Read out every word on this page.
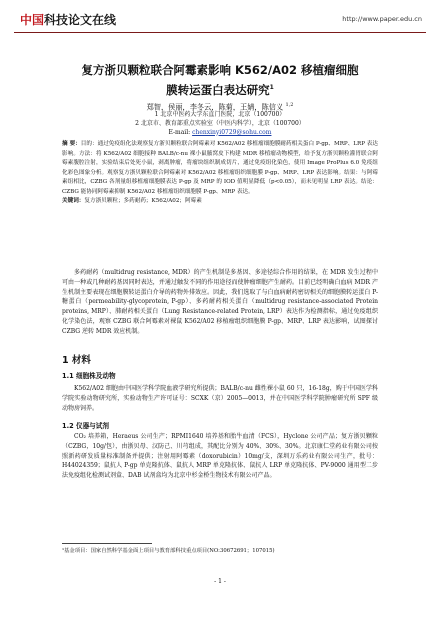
中国 科技论文在线	http://www.paper.edu.cn
复方浙贝颗粒联合阿霉素影响 K562/A02 移植瘤细胞
膜转运蛋白表达研究$^1$
郑智，侯丽，李冬云，陈菊，王婧，陈信义 $^{1,2}$
1 北京中医药大学东直门医院，北京（100700）
2 北京市、教育部重点实验室（中医内科学），北京（100700）
E-mail: chenxinyi0729@sohu.com
摘 要：目的：通过免疫组化法观察复方浙贝颗粒联合阿霉素对 K562/A02 移植瘤细胞膜耐药相关蛋白 P-gp、MRP、LRP 表达影响。方法：将 K562/A02 细胞接种 BALB/c-nu 裸小鼠腋窝皮下构建 MDR 移植瘤动物模型，给予复方浙贝颗粒灌胃联合阿霉素腹腔注射，实验结束后处死小鼠，剥离肿瘤，将瘤块组织制成切片，通过免疫组化染色，使用 Image ProPlus 6.0 免疫组化彩色图象分析。观察复方浙贝颗粒联合阿霉素对 K562/A02 移植瘤组织细胞膜 P-gp、MRP、LRP 表达影响。结果：与阿霉素组相比，CZBG 各剂量组移植瘤细胞膜表达 P-gp 及 MRP 的 IOD 值明显降低（p<0.05），而未见明显 LRP 表达。结论：CZBG 能协同阿霉素抑制 K562/A02 移植瘤组织细胞膜 P-gp、MRP 表达。
关键词：复方浙贝颗粒；多药耐药；K562/A02；阿霉素
多药耐药（multidrug resistance, MDR）的产生机制是多基因、多途径综合作用的结果，在 MDR 发生过程中可由一种或几种耐药基因同时表达，并通过触发不同的作用途径而使肿瘤细胞产生耐药。目前已经明确白血病 MDR 产生机制主要表现在细胞膜转运蛋白介导的药物外排效应。因此，我们选取了与白血病耐药密切相关的细胞膜转运蛋白 P-糖蛋白（permeability-glycoprotein, P-gp）、多药耐药相关蛋白（multidrug resistance-associated Protein proteins, MRP）、肺耐药相关蛋白（Lung Resistance-related Protein, LRP）表达作为检测指标，通过免疫组织化学染色法，观察 CZBG 联合阿霉素对裸鼠 K562/A02 移植瘤组织细胞膜 P-gp、MRP、LRP 表达影响，试图探讨 CZBG 逆转 MDR 效应机制。
1 材料
1.1 细胞株及动物
K562/A02 细胞由中国医学科学院血液学研究所提供；BALB/c-nu 雌性裸小鼠 60 只，16-18g，购于中国医学科学院实验动物研究所，实验动物生产许可证号：SCXK（京）2005—0013，并在中国医学科学院肿瘤研究所 SPF 级动物房饲养。
1.2 仪器与试剂
CO₂ 培养箱，Heraeus 公司生产；RPMI1640 培养基和胎牛血清（FCS），Hyclone 公司产品；复方浙贝颗粒（CZBG，10g/包），由浙贝母、汉防己、川芎组成，其配比分别为 40%、30%、30%。北京康仁堂药业有限公司按照新药研发质量标准制备并提供；注射用阿霉素（doxorubicin）10mg/支，深圳万乐药业有限公司生产，批号：H44024359；鼠抗人 P-gp 单克隆抗体、鼠抗人 MRP 单克隆抗体、鼠抗人 LRP 单克隆抗体、PV-9000 通用型二步法免疫组化检测试剂盒、DAB 试剂盒均为北京中杉金桥生物技术有限公司产品。
¹基金项目：国家自然科学基金面上项目与教育部科技重点项目(NO:30672691；107015)
- 1 -
